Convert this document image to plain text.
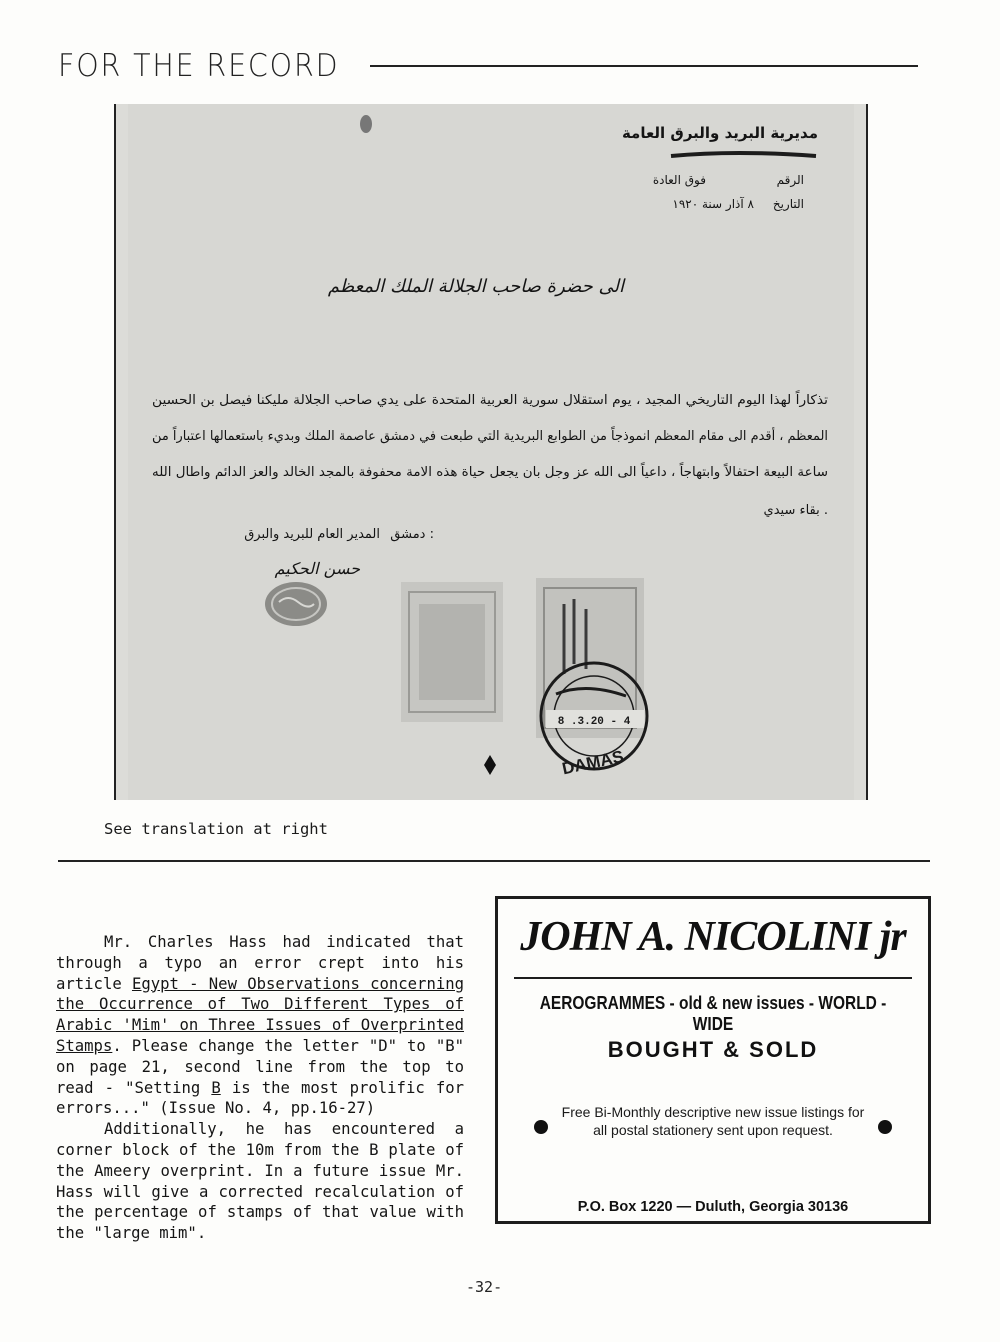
FOR THE RECORD
مديرية البريد والبرق العامة
الرقم
فوق العادة
التاريخ
٨ آذار سنة ١٩٢٠
الى حضرة صاحب الجلالة الملك المعظم
تذكاراً لهذا اليوم التاريخي المجيد ، يوم استقلال سورية العربية المتحدة على يدي صاحب الجلالة مليكنا فيصل بن الحسين
المعظم ، أقدم الى مقام المعظم انموذجاً من الطوابع البريدية التي طبعت في دمشق عاصمة الملك وبديء باستعمالها اعتباراً من
ساعة البيعة احتفالاً وابتهاجاً ، داعياً الى الله عز وجل بان يجعل حياة هذه الامة محفوفة بالمجد الخالد والعز الدائم واطال الله
بقاء سيدي .
دمشق :
المدير العام للبريد والبرق
حسن الحكيم
8 .3.20 - 4
DAMAS
See translation at right

Mr. Charles Hass had indicated that through a typo an error crept into his article Egypt - New Observations concerning the Occurrence of Two Different Types of Arabic 'Mim' on Three Issues of Overprinted Stamps. Please change the letter "D" to "B" on page 21, second line from the top to read - "Setting B is the most prolific for errors..." (Issue No. 4, pp.16-27)

Additionally, he has encountered a corner block of the 10m from the B plate of the Ameery overprint. In a future issue Mr. Hass will give a corrected recalculation of the percentage of stamps of that value with the "large mim".

JOHN A. NICOLINI jr
AEROGRAMMES - old & new issues - WORLD - WIDE
BOUGHT & SOLD
Free Bi-Monthly descriptive new issue listings for all postal stationery sent upon request.
P.O. Box 1220 — Duluth, Georgia 30136
-32-
